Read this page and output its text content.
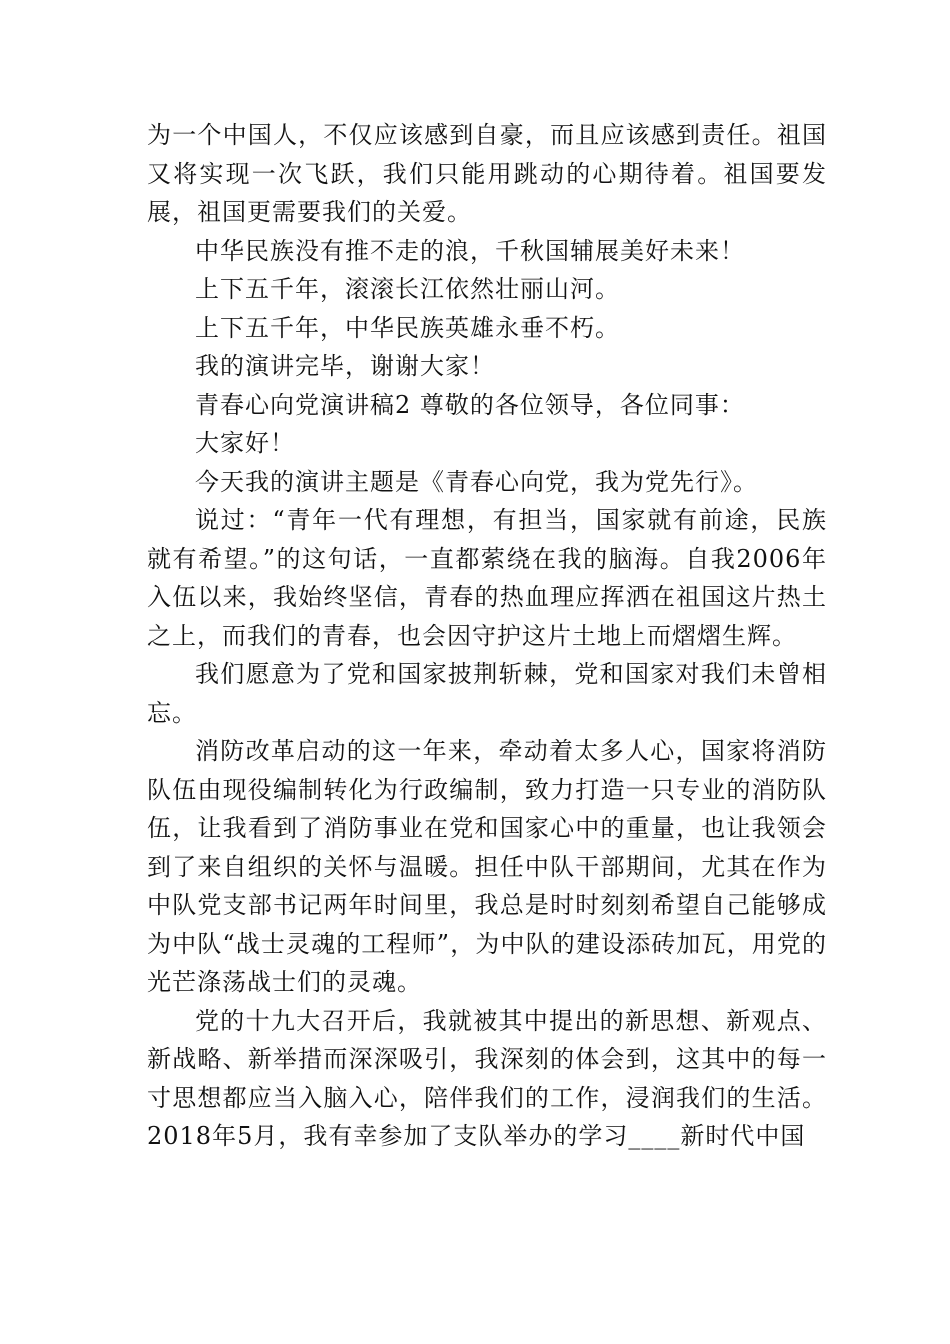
为一个中国人，不仅应该感到自豪，而且应该感到责任。祖国又将实现一次飞跃，我们只能用跳动的心期待着。祖国要发展，祖国更需要我们的关爱。

中华民族没有推不走的浪，千秋国辅展美好未来！

上下五千年，滚滚长江依然壮丽山河。

上下五千年，中华民族英雄永垂不朽。

我的演讲完毕，谢谢大家！

青春心向党演讲稿2 尊敬的各位领导，各位同事：

大家好！

今天我的演讲主题是《青春心向党，我为党先行》。

说过：“青年一代有理想，有担当，国家就有前途，民族就有希望。”的这句话，一直都萦绕在我的脑海。自我2006年入伍以来，我始终坚信，青春的热血理应挥洒在祖国这片热土之上，而我们的青春，也会因守护这片土地上而熠熠生辉。

我们愿意为了党和国家披荆斩棘，党和国家对我们未曾相忘。

消防改革启动的这一年来，牵动着太多人心，国家将消防队伍由现役编制转化为行政编制，致力打造一只专业的消防队伍，让我看到了消防事业在党和国家心中的重量，也让我领会到了来自组织的关怀与温暖。担任中队干部期间，尤其在作为中队党支部书记两年时间里，我总是时时刻刻希望自己能够成为中队“战士灵魂的工程师”，为中队的建设添砖加瓦，用党的光芒涤荡战士们的灵魂。

党的十九大召开后，我就被其中提出的新思想、新观点、新战略、新举措而深深吸引，我深刻的体会到，这其中的每一寸思想都应当入脑入心，陪伴我们的工作，浸润我们的生活。2018年5月，我有幸参加了支队举办的学习____新时代中国
